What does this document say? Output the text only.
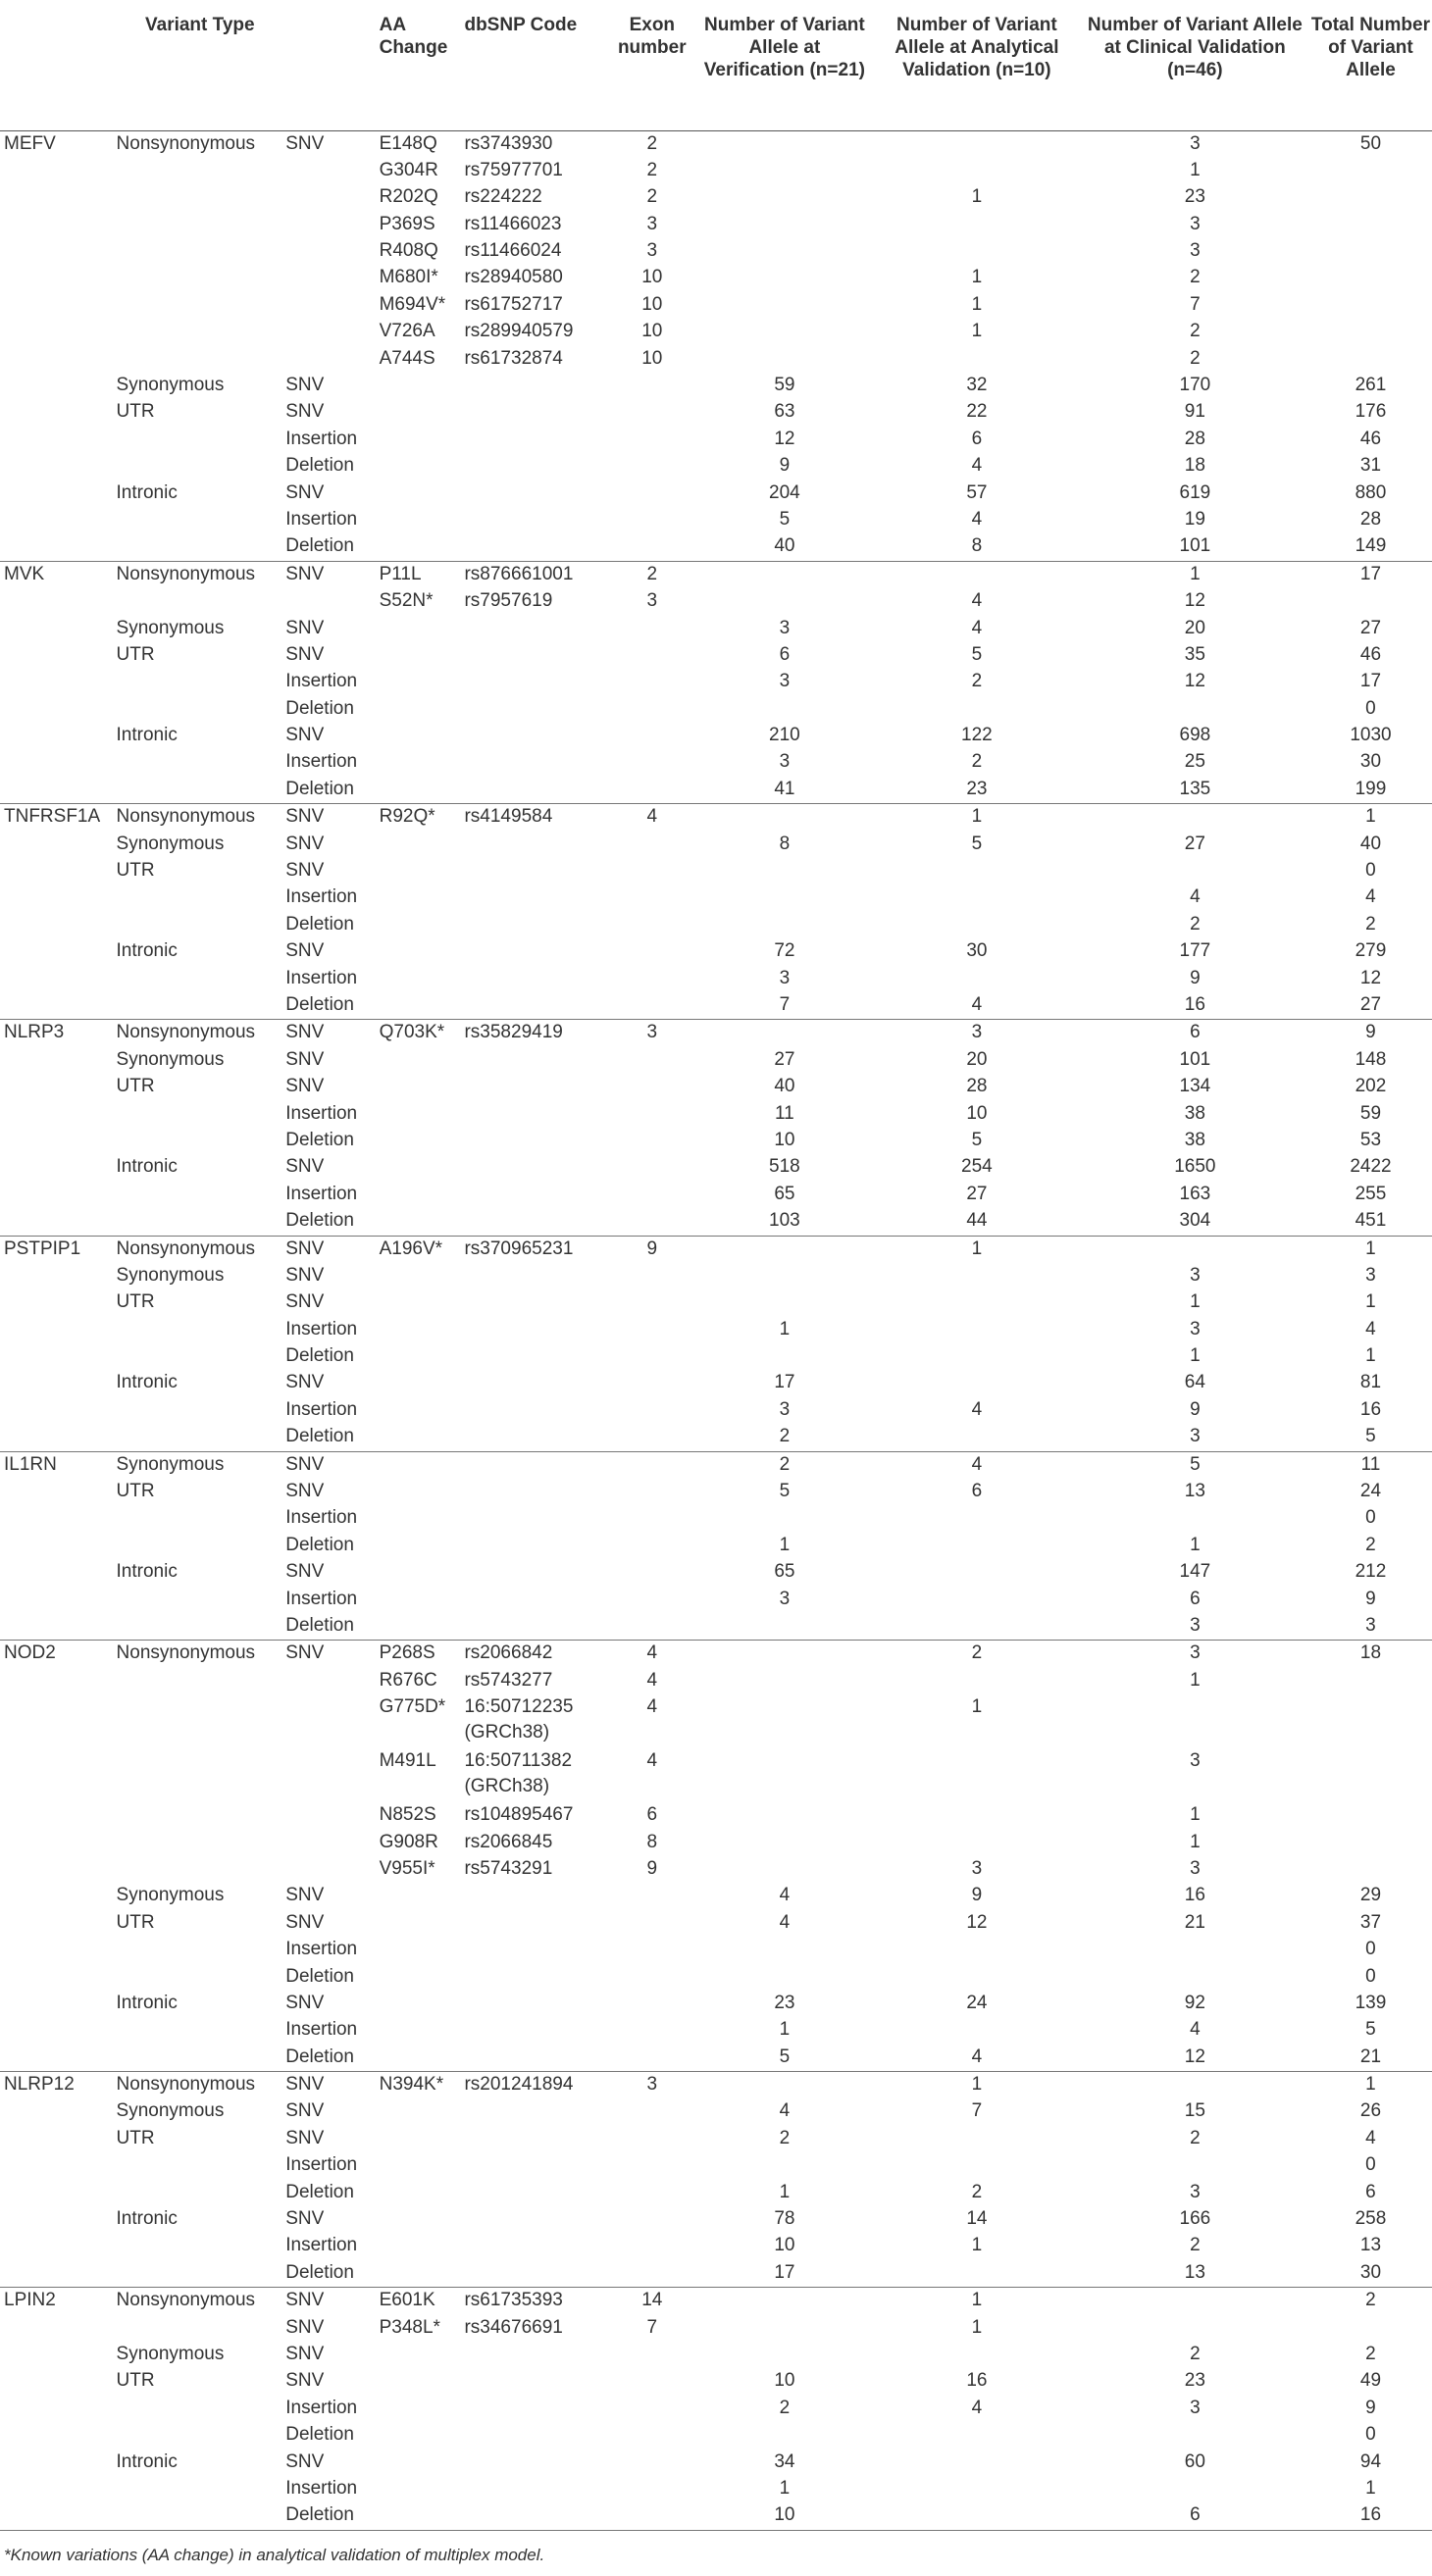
Variant Type			AA Change	dbSNP Code	Exon number	Number of Variant Allele at Verification (n=21)	Number of Variant Allele at Analytical Validation (n=10)	Number of Variant Allele at Clinical Validation (n=46)	Total Number of Variant Allele
MEFV	Nonsynonymous	SNV	E148Q	rs3743930	2			3	50
			G304R	rs75977701	2			1	
			R202Q	rs224222	2		1	23	
			P369S	rs11466023	3			3	
			R408Q	rs11466024	3			3	
			M680I*	rs28940580	10		1	2	
			M694V*	rs61752717	10		1	7	
			V726A	rs289940579	10		1	2	
			A744S	rs61732874	10			2	
	Synonymous	SNV				59	32	170	261
	UTR	SNV				63	22	91	176
		Insertion				12	6	28	46
		Deletion				9	4	18	31
	Intronic	SNV				204	57	619	880
		Insertion				5	4	19	28
		Deletion				40	8	101	149
MVK	Nonsynonymous	SNV	P11L	rs876661001	2			1	17
			S52N*	rs7957619	3		4	12	
	Synonymous	SNV				3	4	20	27
	UTR	SNV				6	5	35	46
		Insertion				3	2	12	17
		Deletion							0
	Intronic	SNV				210	122	698	1030
		Insertion				3	2	25	30
		Deletion				41	23	135	199
TNFRSF1A	Nonsynonymous	SNV	R92Q*	rs4149584	4		1		1
	Synonymous	SNV				8	5	27	40
	UTR	SNV							0
		Insertion						4	4
		Deletion						2	2
	Intronic	SNV				72	30	177	279
		Insertion				3		9	12
		Deletion				7	4	16	27
NLRP3	Nonsynonymous	SNV	Q703K*	rs35829419	3		3	6	9
	Synonymous	SNV				27	20	101	148
	UTR	SNV				40	28	134	202
		Insertion				11	10	38	59
		Deletion				10	5	38	53
	Intronic	SNV				518	254	1650	2422
		Insertion				65	27	163	255
		Deletion				103	44	304	451
PSTPIP1	Nonsynonymous	SNV	A196V*	rs370965231	9		1		1
	Synonymous	SNV						3	3
	UTR	SNV						1	1
		Insertion				1		3	4
		Deletion						1	1
	Intronic	SNV				17		64	81
		Insertion				3	4	9	16
		Deletion				2		3	5
IL1RN	Synonymous	SNV				2	4	5	11
	UTR	SNV				5	6	13	24
		Insertion							0
		Deletion				1		1	2
	Intronic	SNV				65		147	212
		Insertion				3		6	9
		Deletion						3	3
NOD2	Nonsynonymous	SNV	P268S	rs2066842	4		2	3	18
			R676C	rs5743277	4			1	
			G775D*	16:50712235 (GRCh38)	4		1		
			M491L	16:50711382 (GRCh38)	4			3	
			N852S	rs104895467	6			1	
			G908R	rs2066845	8			1	
			V955I*	rs5743291	9		3	3	
	Synonymous	SNV				4	9	16	29
	UTR	SNV				4	12	21	37
		Insertion							0
		Deletion							0
	Intronic	SNV				23	24	92	139
		Insertion				1		4	5
		Deletion				5	4	12	21
NLRP12	Nonsynonymous	SNV	N394K*	rs201241894	3		1		1
	Synonymous	SNV				4	7	15	26
	UTR	SNV				2		2	4
		Insertion							0
		Deletion				1	2	3	6
	Intronic	SNV				78	14	166	258
		Insertion				10	1	2	13
		Deletion				17		13	30
LPIN2	Nonsynonymous	SNV	E601K	rs61735393	14		1		2
		SNV	P348L*	rs34676691	7		1		
	Synonymous	SNV						2	2
	UTR	SNV				10	16	23	49
		Insertion				2	4	3	9
		Deletion							0
	Intronic	SNV				34		60	94
		Insertion				1			1
		Deletion				10		6	16
*Known variations (AA change) in analytical validation of multiplex model.
